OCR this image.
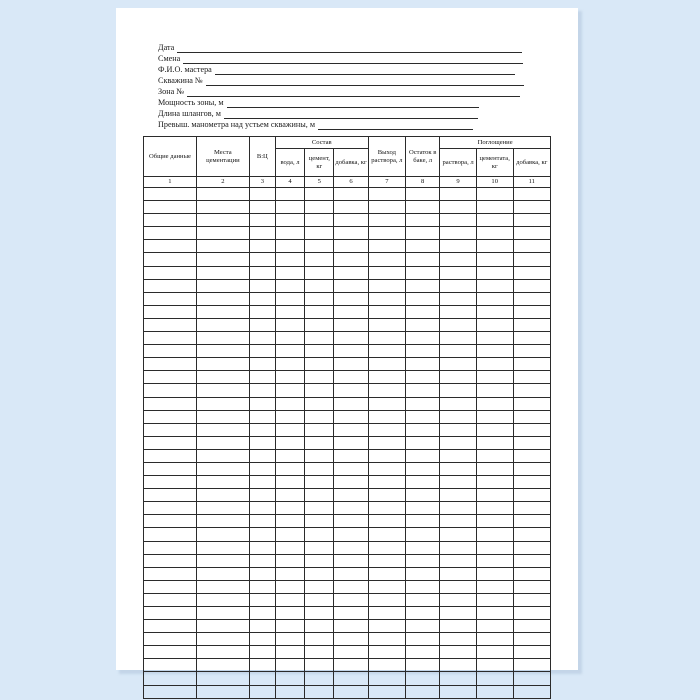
Дата
Смена
Ф.И.О. мастера
Скважина №
Зона №
Мощность зоны, м
Длина шлангов, м
Превыш. манометра над устьем скважины, м
Общие данные	Места цементации	В:Ц	Состав			Выход раствора, л	Остаток в баке, л	Поглощение		
			вода, л	цемент, кг	добавка, кг			раствора, л	цементата, кг	добавка, кг
1	2	3	4	5	6	7	8	9	10	11
